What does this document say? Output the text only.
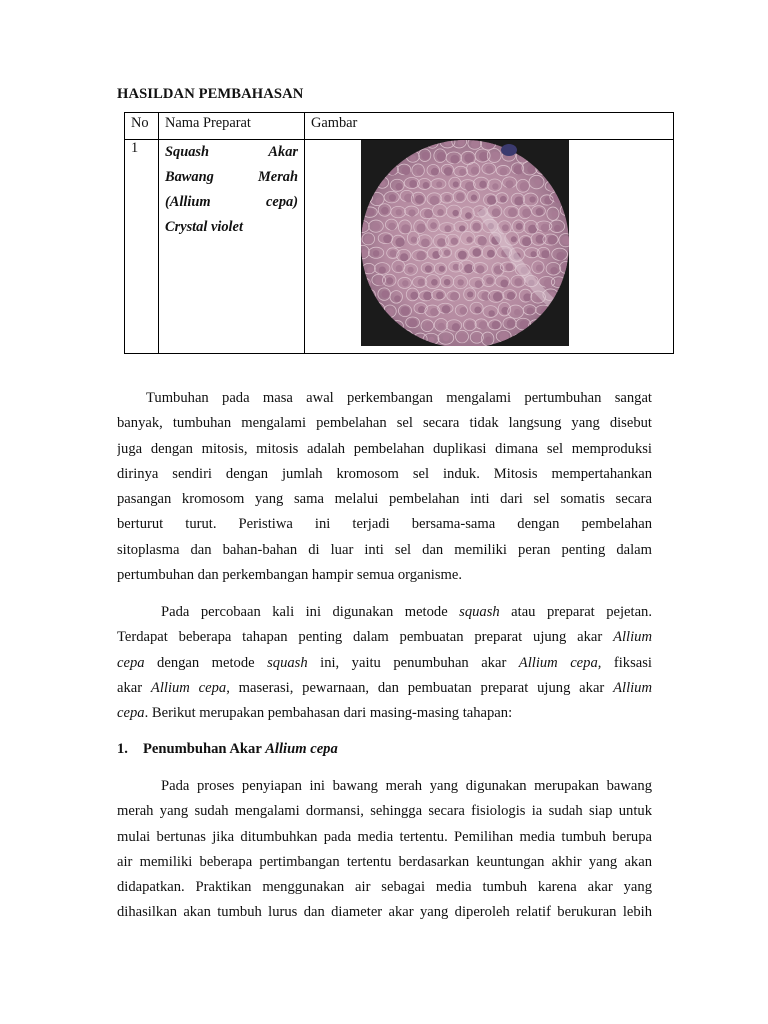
HASILDAN PEMBAHASAN
No	Nama Preparat	Gambar
1	Squash Akar
Bawang Merah
(Allium cepa)
Crystal violet

Tumbuhan pada masa awal perkembangan mengalami pertumbuhan sangat
banyak, tumbuhan mengalami pembelahan sel secara tidak langsung yang disebut
juga dengan mitosis, mitosis adalah pembelahan duplikasi dimana sel memproduksi
dirinya sendiri dengan jumlah kromosom sel induk. Mitosis mempertahankan
pasangan kromosom yang sama melalui pembelahan inti dari sel somatis secara
berturut turut. Peristiwa ini terjadi bersama-sama dengan pembelahan
sitoplasma dan bahan-bahan di luar inti sel dan memiliki peran penting dalam
pertumbuhan dan perkembangan hampir semua organisme.
Pada percobaan kali ini digunakan metode squash atau preparat pejetan.
Terdapat beberapa tahapan penting dalam pembuatan preparat ujung akar Allium
cepa dengan metode squash ini, yaitu penumbuhan akar Allium cepa, fiksasi
akar Allium cepa, maserasi, pewarnaan, dan pembuatan preparat ujung akar Allium
cepa. Berikut merupakan pembahasan dari masing-masing tahapan:
1. Penumbuhan Akar Allium cepa
Pada proses penyiapan ini bawang merah yang digunakan merupakan bawang
merah yang sudah mengalami dormansi, sehingga secara fisiologis ia sudah siap untuk
mulai bertunas jika ditumbuhkan pada media tertentu. Pemilihan media tumbuh berupa
air memiliki beberapa pertimbangan tertentu berdasarkan keuntungan akhir yang akan
didapatkan. Praktikan menggunakan air sebagai media tumbuh karena akar yang
dihasilkan akan tumbuh lurus dan diameter akar yang diperoleh relatif berukuran lebih
